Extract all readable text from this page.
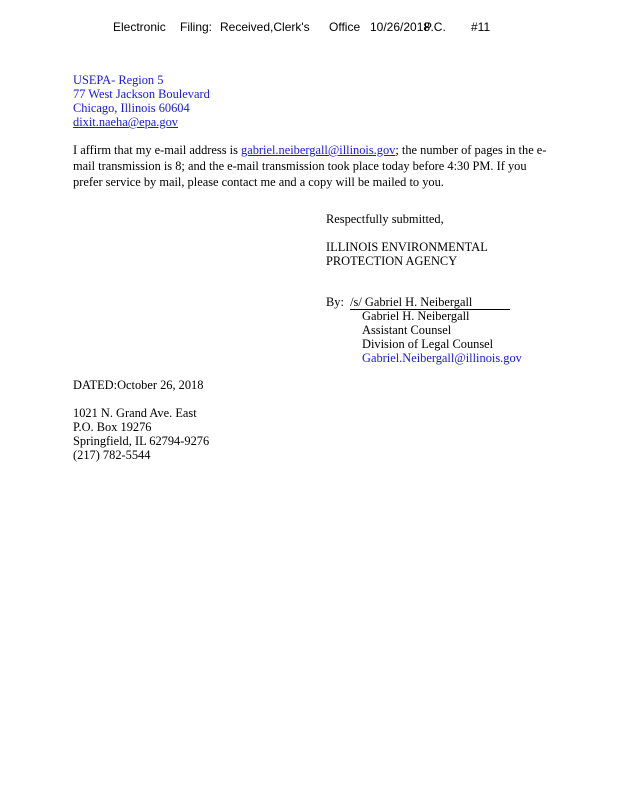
Electronic Filing: Received,Clerk's Office 10/26/2018
P.C. #11
USEPA- Region 5
77 West Jackson Boulevard
Chicago, Illinois 60604
dixit.naeha@epa.gov
I affirm that my e-mail address is gabriel.neibergall@illinois.gov; the number of pages in the e-mail transmission is 8; and the e-mail transmission took place today before 4:30 PM. If you prefer service by mail, please contact me and a copy will be mailed to you.
Respectfully submitted,
ILLINOIS ENVIRONMENTAL
PROTECTION AGENCY
By: /s/ Gabriel H. Neibergall
Gabriel H. Neibergall
Assistant Counsel
Division of Legal Counsel
Gabriel.Neibergall@illinois.gov
DATED:October 26, 2018
1021 N. Grand Ave. East
P.O. Box 19276
Springfield, IL 62794-9276
(217) 782-5544
